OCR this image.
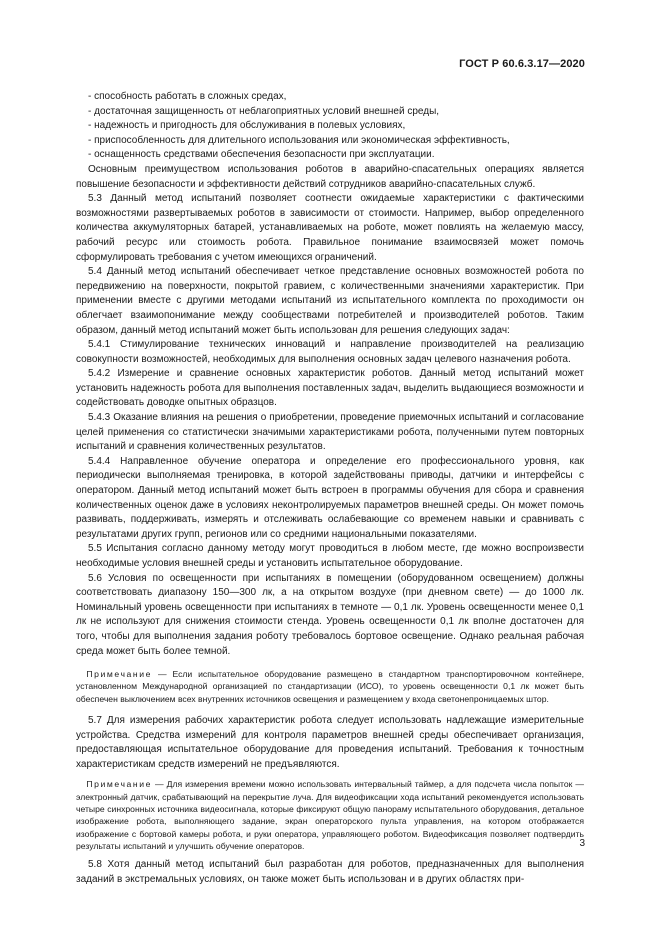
ГОСТ Р 60.6.3.17—2020

- способность работать в сложных средах,

- достаточная защищенность от неблагоприятных условий внешней среды,

- надежность и пригодность для обслуживания в полевых условиях,

- приспособленность для длительного использования или экономическая эффективность,

- оснащенность средствами обеспечения безопасности при эксплуатации.

Основным преимуществом использования роботов в аварийно-спасательных операциях является повышение безопасности и эффективности действий сотрудников аварийно-спасательных служб.

5.3 Данный метод испытаний позволяет соотнести ожидаемые характеристики с фактическими возможностями развертываемых роботов в зависимости от стоимости. Например, выбор определенного количества аккумуляторных батарей, устанавливаемых на роботе, может повлиять на желаемую массу, рабочий ресурс или стоимость робота. Правильное понимание взаимосвязей может помочь сформулировать требования с учетом имеющихся ограничений.

5.4 Данный метод испытаний обеспечивает четкое представление основных возможностей робота по передвижению на поверхности, покрытой гравием, с количественными значениями характеристик. При применении вместе с другими методами испытаний из испытательного комплекта по проходимости он облегчает взаимопонимание между сообществами потребителей и производителей роботов. Таким образом, данный метод испытаний может быть использован для решения следующих задач:

5.4.1 Стимулирование технических инноваций и направление производителей на реализацию совокупности возможностей, необходимых для выполнения основных задач целевого назначения робота.

5.4.2 Измерение и сравнение основных характеристик роботов. Данный метод испытаний может установить надежность робота для выполнения поставленных задач, выделить выдающиеся возможности и содействовать доводке опытных образцов.

5.4.3 Оказание влияния на решения о приобретении, проведение приемочных испытаний и согласование целей применения со статистически значимыми характеристиками робота, полученными путем повторных испытаний и сравнения количественных результатов.

5.4.4 Направленное обучение оператора и определение его профессионального уровня, как периодически выполняемая тренировка, в которой задействованы приводы, датчики и интерфейсы с оператором. Данный метод испытаний может быть встроен в программы обучения для сбора и сравнения количественных оценок даже в условиях неконтролируемых параметров внешней среды. Он может помочь развивать, поддерживать, измерять и отслеживать ослабевающие со временем навыки и сравнивать с результатами других групп, регионов или со средними национальными показателями.

5.5 Испытания согласно данному методу могут проводиться в любом месте, где можно воспроизвести необходимые условия внешней среды и установить испытательное оборудование.

5.6 Условия по освещенности при испытаниях в помещении (оборудованном освещением) должны соответствовать диапазону 150—300 лк, а на открытом воздухе (при дневном свете) — до 1000 лк. Номинальный уровень освещенности при испытаниях в темноте — 0,1 лк. Уровень освещенности менее 0,1 лк не используют для снижения стоимости стенда. Уровень освещенности 0,1 лк вполне достаточен для того, чтобы для выполнения задания роботу требовалось бортовое освещение. Однако реальная рабочая среда может быть более темной.

Примечание — Если испытательное оборудование размещено в стандартном транспортировочном контейнере, установленном Международной организацией по стандартизации (ИСО), то уровень освещенности 0,1 лк может быть обеспечен выключением всех внутренних источников освещения и размещением у входа светонепроницаемых штор.

5.7 Для измерения рабочих характеристик робота следует использовать надлежащие измерительные устройства. Средства измерений для контроля параметров внешней среды обеспечивает организация, предоставляющая испытательное оборудование для проведения испытаний. Требования к точностным характеристикам средств измерений не предъявляются.

Примечание — Для измерения времени можно использовать интервальный таймер, а для подсчета числа попыток — электронный датчик, срабатывающий на перекрытие луча. Для видеофиксации хода испытаний рекомендуется использовать четыре синхронных источника видеосигнала, которые фиксируют общую панораму испытательного оборудования, детальное изображение робота, выполняющего задание, экран операторского пульта управления, на котором отображается изображение с бортовой камеры робота, и руки оператора, управляющего роботом. Видеофиксация позволяет подтвердить результаты испытаний и улучшить обучение операторов.

5.8 Хотя данный метод испытаний был разработан для роботов, предназначенных для выполнения заданий в экстремальных условиях, он также может быть использован и в других областях при-

3
